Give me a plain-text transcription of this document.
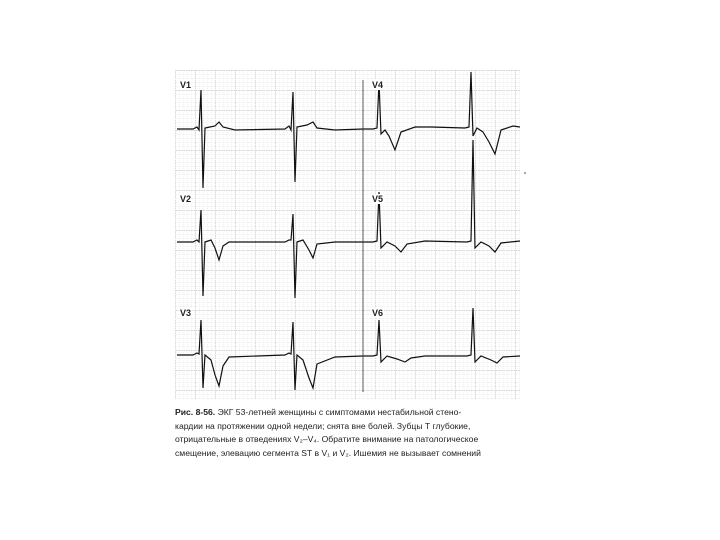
V1	V4
V2	V5
V3	V6
Рис. 8-56. ЭКГ 53-летней женщины с симптомами нестабильной стено-
кардии на протяжении одной недели; снята вне болей. Зубцы Т глубокие,
отрицательные в отведениях V₂–V₄. Обратите внимание на патологическое
смещение, элевацию сегмента ST в V₁ и V₂. Ишемия не вызывает сомнений
